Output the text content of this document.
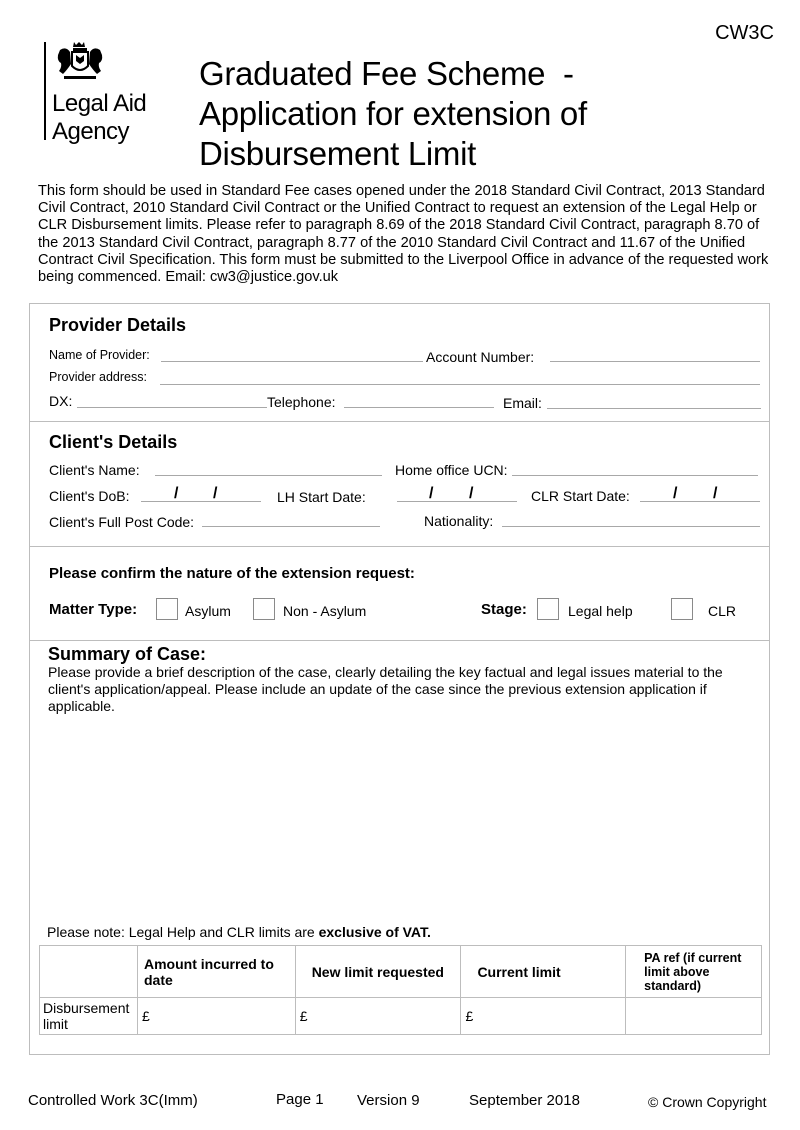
CW3C
Legal Aid
Agency
Graduated Fee Scheme  -
Application for extension of
Disbursement Limit
This form should be used in Standard Fee cases opened under the 2018 Standard Civil Contract, 2013 Standard Civil Contract, 2010 Standard Civil Contract or the Unified Contract to request an extension of the Legal Help or CLR Disbursement limits. Please refer to paragraph 8.69 of the 2018 Standard Civil Contract, paragraph 8.70 of the 2013 Standard Civil Contract, paragraph 8.77 of the 2010 Standard Civil Contract and 11.67 of the Unified Contract Civil Specification. This form must be submitted to the Liverpool Office in advance of the requested work being commenced. Email: cw3@justice.gov.uk
Provider Details
Name of Provider:	Account Number:
Provider address:
DX:	Telephone:	Email:
Client's Details
Client's Name:	Home office UCN:
Client's DoB:	/ /	LH Start Date:	/ /	CLR Start Date:	/ /
Client's Full Post Code:	Nationality:
Please confirm the nature of the extension request:
Matter Type:	Asylum	Non - Asylum	Stage:	Legal help	CLR
Summary of Case:
Please provide a brief description of the case, clearly detailing the key factual and legal issues material to the client's application/appeal. Please include an update of the case since the previous extension application if applicable.
Please note: Legal Help and CLR limits are exclusive of VAT.
	Amount incurred to date	New limit requested	Current limit	PA ref (if current limit above standard)
Disbursement limit	£	£	£	
Controlled Work 3C(Imm)	Page 1 Version 9	September 2018	© Crown Copyright
